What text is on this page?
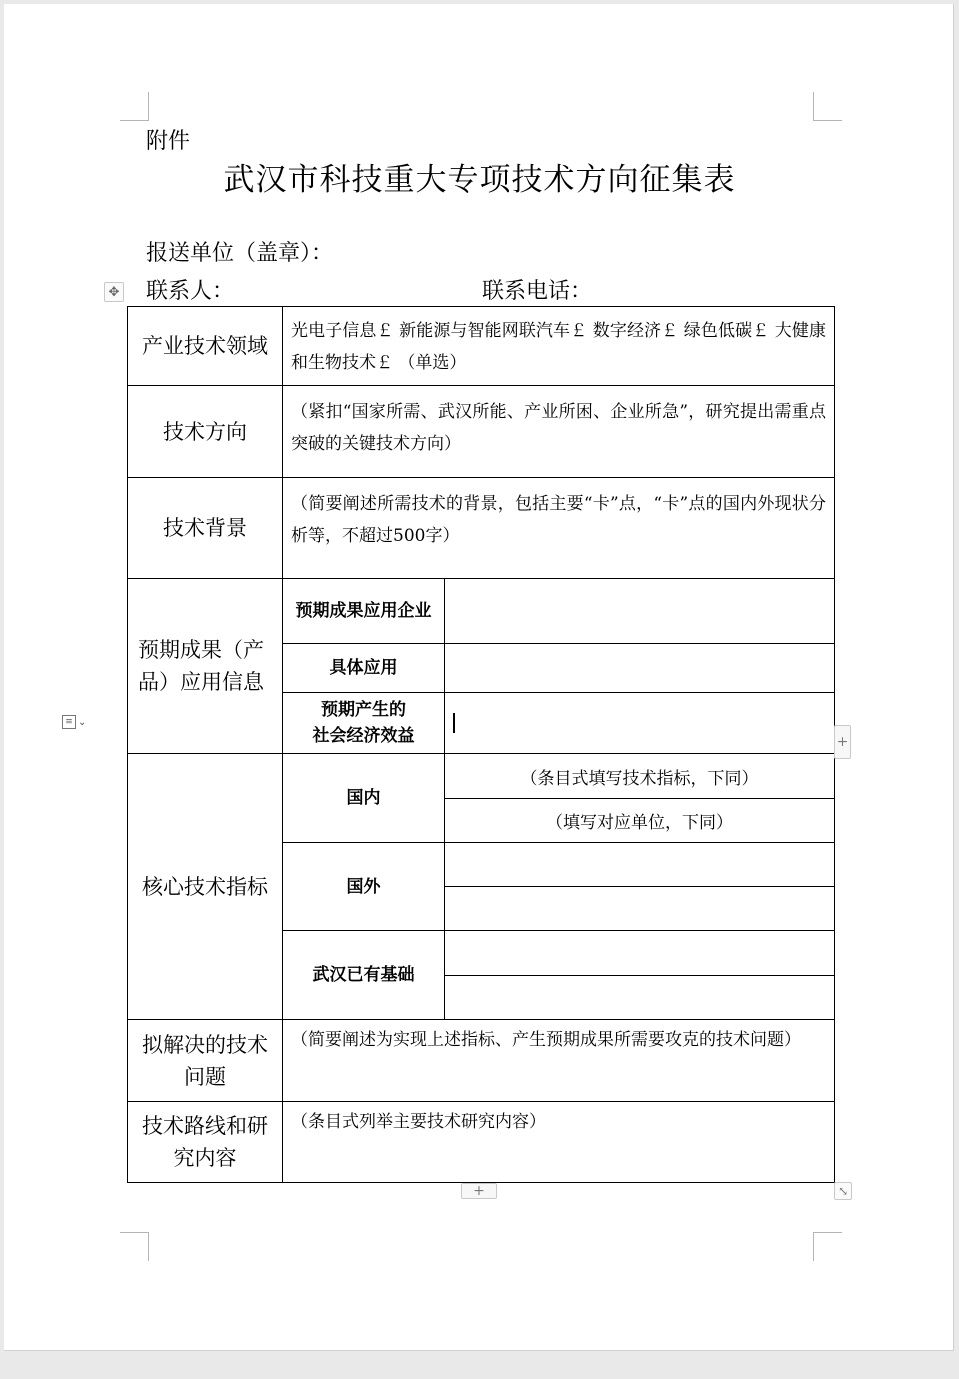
附件
武汉市科技重大专项技术方向征集表
报送单位（盖章）：
联系人：	联系电话：
✥
≡ ⌄
产业技术领域	光电子信息￡ 新能源与智能网联汽车￡ 数字经济￡ 绿色低碳￡ 大健康和生物技术￡ （单选）	
技术方向	（紧扣“国家所需、武汉所能、产业所困、企业所急”，研究提出需重点突破的关键技术方向）	
技术背景	（简要阐述所需技术的背景，包括主要“卡”点，“卡”点的国内外现状分析等，不超过500字）	
预期成果（产品）应用信息	预期成果应用企业	
	具体应用	

	预期产生的
社会经济效益	

核心技术指标	国内	（条目式填写技术指标，下同）
		（填写对应单位，下同）
	国外	

	武汉已有基础	

拟解决的技术问题	（简要阐述为实现上述指标、产生预期成果所需要攻克的技术问题）	
技术路线和研究内容	（条目式列举主要技术研究内容）	
+
+	⤡
